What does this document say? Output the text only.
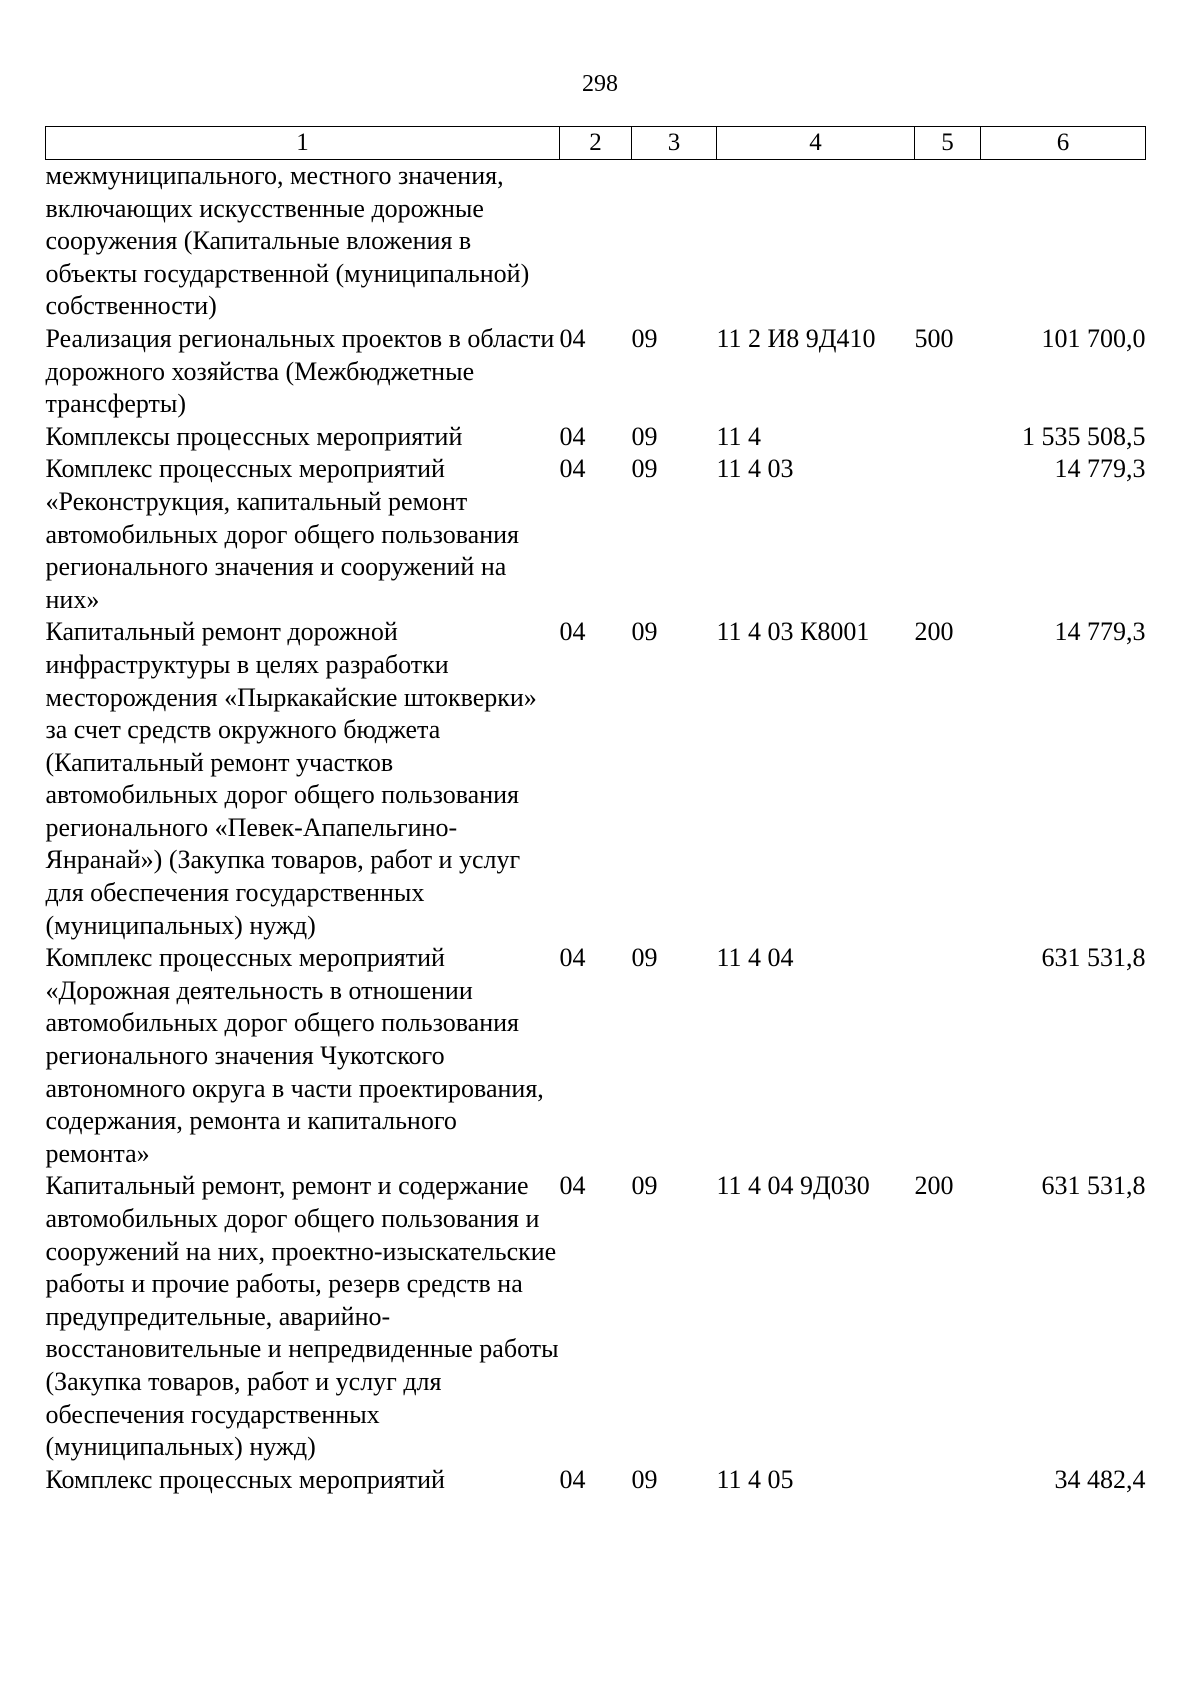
298
1	2	3	4	5	6
межмуниципального, местного значения, включающих искусственные дорожные сооружения (Капитальные вложения в объекты государственной (муниципальной) собственности)					
Реализация региональных проектов в области дорожного хозяйства (Межбюджетные трансферты)	04	09	11 2 И8 9Д410	500	101 700,0
Комплексы процессных мероприятий	04	09	11 4		1 535 508,5
Комплекс процессных мероприятий «Реконструкция, капитальный ремонт автомобильных дорог общего пользования регионального значения и сооружений на них»	04	09	11 4 03		14 779,3
Капитальный ремонт дорожной инфраструктуры в целях разработки месторождения «Пыркакайские штокверки» за счет средств окружного бюджета (Капитальный ремонт участков автомобильных дорог общего пользования регионального «Певек-Апапельгино-Янранай») (Закупка товаров, работ и услуг для обеспечения государственных (муниципальных) нужд)	04	09	11 4 03 К8001	200	14 779,3
Комплекс процессных мероприятий «Дорожная деятельность в отношении автомобильных дорог общего пользования регионального значения Чукотского автономного округа в части проектирования, содержания, ремонта и капитального ремонта»	04	09	11 4 04		631 531,8
Капитальный ремонт, ремонт и содержание автомобильных дорог общего пользования и сооружений на них, проектно-изыскательские работы и прочие работы, резерв средств на предупредительные, аварийно-восстановительные и непредвиденные работы (Закупка товаров, работ и услуг для обеспечения государственных (муниципальных) нужд)	04	09	11 4 04 9Д030	200	631 531,8
Комплекс процессных мероприятий	04	09	11 4 05		34 482,4
